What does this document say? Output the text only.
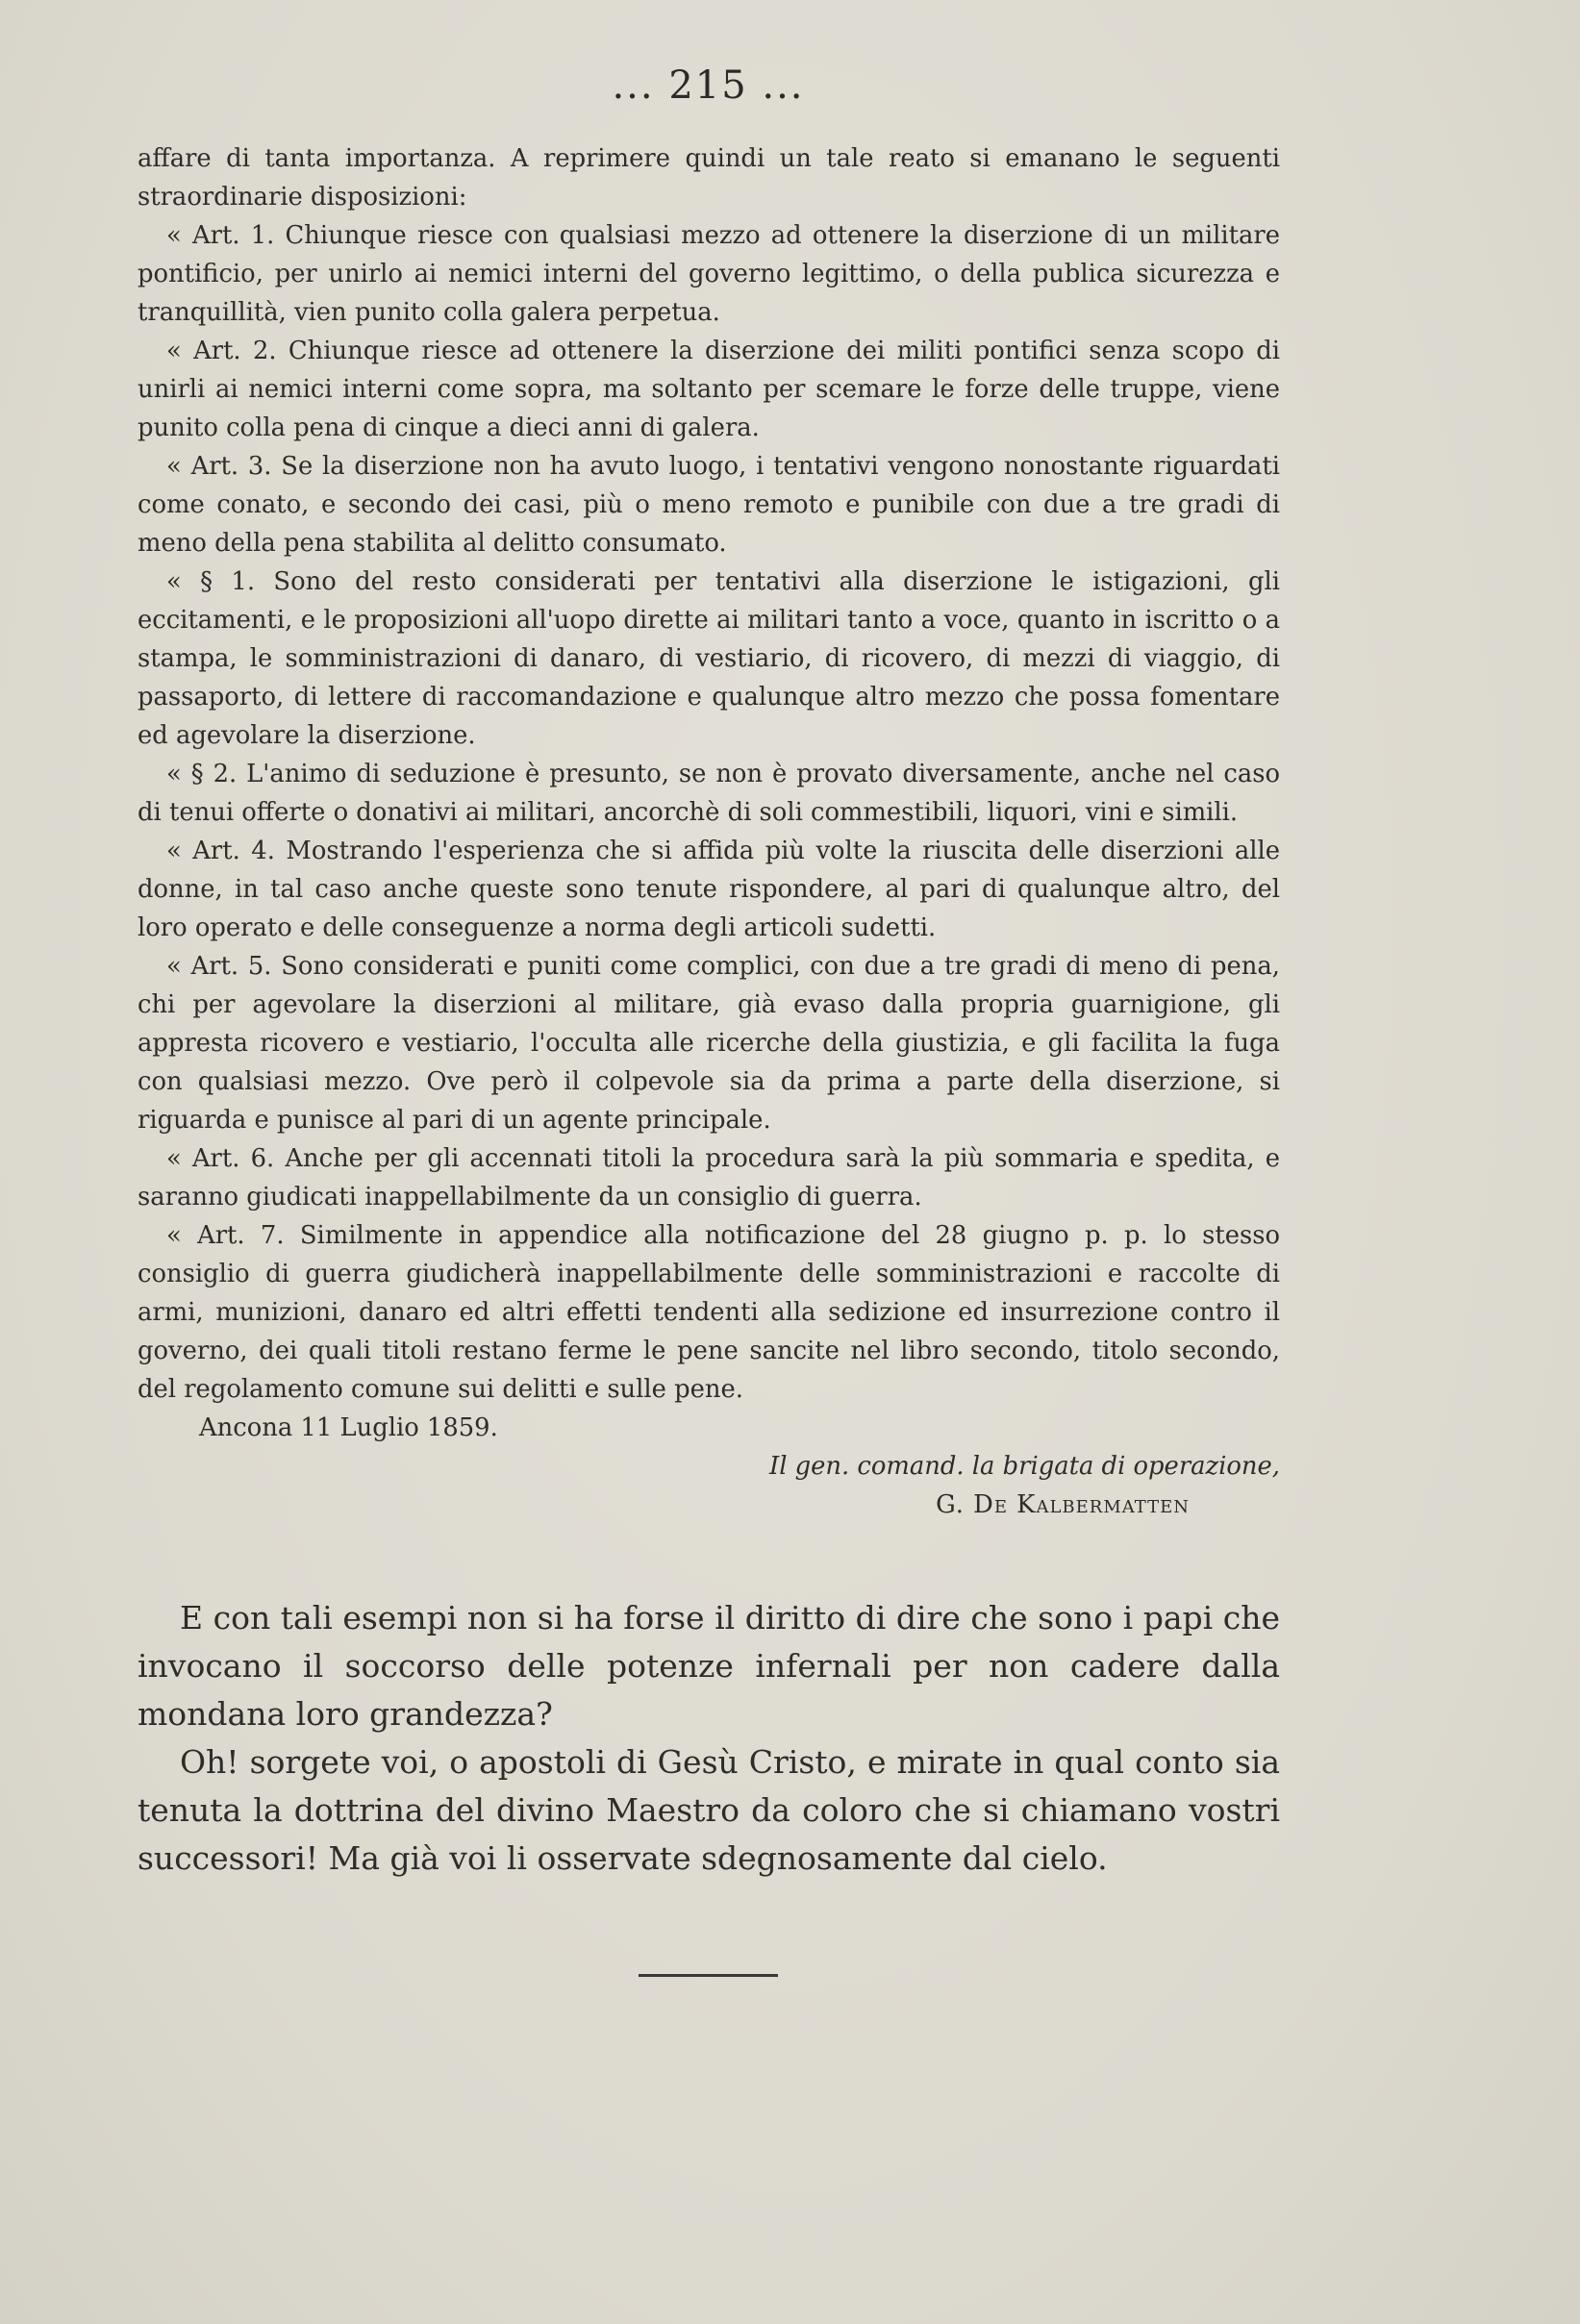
... 215 ...

affare di tanta importanza. A reprimere quindi un tale reato si emanano le seguenti straordinarie disposizioni:

« Art. 1. Chiunque riesce con qualsiasi mezzo ad ottenere la diserzione di un militare pontificio, per unirlo ai nemici interni del governo legittimo, o della publica sicurezza e tranquillità, vien punito colla galera perpetua.

« Art. 2. Chiunque riesce ad ottenere la diserzione dei militi pontifici senza scopo di unirli ai nemici interni come sopra, ma soltanto per scemare le forze delle truppe, viene punito colla pena di cinque a dieci anni di galera.

« Art. 3. Se la diserzione non ha avuto luogo, i tentativi vengono nonostante riguardati come conato, e secondo dei casi, più o meno remoto e punibile con due a tre gradi di meno della pena stabilita al delitto consumato.

« § 1. Sono del resto considerati per tentativi alla diserzione le istigazioni, gli eccitamenti, e le proposizioni all'uopo dirette ai militari tanto a voce, quanto in iscritto o a stampa, le somministrazioni di danaro, di vestiario, di ricovero, di mezzi di viaggio, di passaporto, di lettere di raccomandazione e qualunque altro mezzo che possa fomentare ed agevolare la diserzione.

« § 2. L'animo di seduzione è presunto, se non è provato diversamente, anche nel caso di tenui offerte o donativi ai militari, ancorchè di soli commestibili, liquori, vini e simili.

« Art. 4. Mostrando l'esperienza che si affida più volte la riuscita delle diserzioni alle donne, in tal caso anche queste sono tenute rispondere, al pari di qualunque altro, del loro operato e delle conseguenze a norma degli articoli sudetti.

« Art. 5. Sono considerati e puniti come complici, con due a tre gradi di meno di pena, chi per agevolare la diserzioni al militare, già evaso dalla propria guarnigione, gli appresta ricovero e vestiario, l'occulta alle ricerche della giustizia, e gli facilita la fuga con qualsiasi mezzo. Ove però il colpevole sia da prima a parte della diserzione, si riguarda e punisce al pari di un agente principale.

« Art. 6. Anche per gli accennati titoli la procedura sarà la più sommaria e spedita, e saranno giudicati inappellabilmente da un consiglio di guerra.

« Art. 7. Similmente in appendice alla notificazione del 28 giugno p. p. lo stesso consiglio di guerra giudicherà inappellabilmente delle somministrazioni e raccolte di armi, munizioni, danaro ed altri effetti tendenti alla sedizione ed insurrezione contro il governo, dei quali titoli restano ferme le pene sancite nel libro secondo, titolo secondo, del regolamento comune sui delitti e sulle pene.

Ancona 11 Luglio 1859.

Il gen. comand. la brigata di operazione,

G. De Kalbermatten

E con tali esempi non si ha forse il diritto di dire che sono i papi che invocano il soccorso delle potenze infernali per non cadere dalla mondana loro grandezza?

Oh! sorgete voi, o apostoli di Gesù Cristo, e mirate in qual conto sia tenuta la dottrina del divino Maestro da coloro che si chiamano vostri successori! Ma già voi li osservate sdegnosamente dal cielo.
